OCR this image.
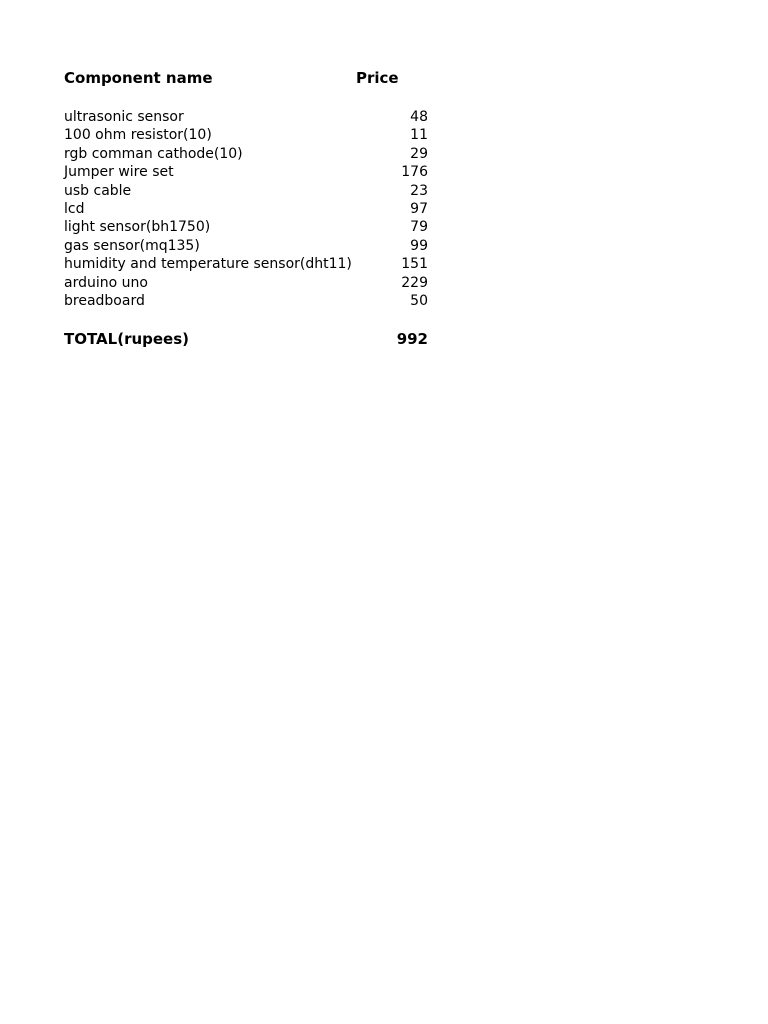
Component name	Price
ultrasonic sensor	48
100 ohm resistor(10)	11
rgb comman cathode(10)	29
Jumper wire set	176
usb cable	23
lcd	97
light sensor(bh1750)	79
gas sensor(mq135)	99
humidity and temperature sensor(dht11)	151
arduino uno	229
breadboard	50
TOTAL(rupees)	992
